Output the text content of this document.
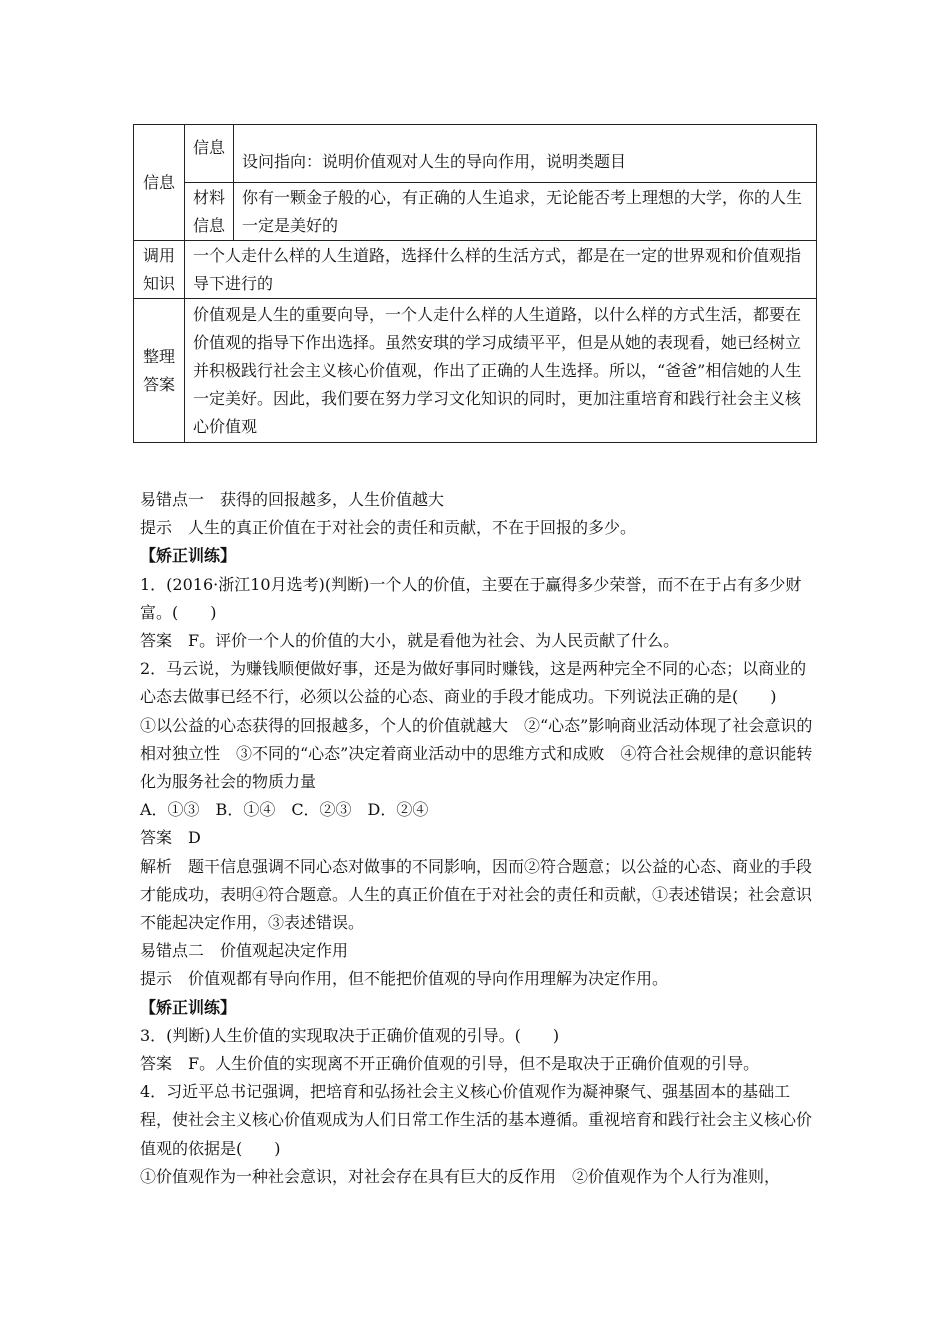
信息	信息	设问指向：说明价值观对人生的导向作用，说明类题目

	材料
信息	你有一颗金子般的心，有正确的人生追求，无论能否考上理想的大学，你的人生一定是美好的

调用
知识	一个人走什么样的人生道路，选择什么样的生活方式，都是在一定的世界观和价值观指导下进行的	

整理
答案	价值观是人生的重要向导，一个人走什么样的人生道路，以什么样的方式生活，都要在价值观的指导下作出选择。虽然安琪的学习成绩平平，但是从她的表现看，她已经树立并积极践行社会主义核心价值观，作出了正确的人生选择。所以，“爸爸”相信她的人生一定美好。因此，我们要在努力学习文化知识的同时，更加注重培育和践行社会主义核心价值观	

易错点一 获得的回报越多，人生价值越大

提示 人生的真正价值在于对社会的责任和贡献，不在于回报的多少。

【矫正训练】

1．(2016·浙江10月选考)(判断)一个人的价值，主要在于赢得多少荣誉，而不在于占有多少财富。(　　)

答案 F。评价一个人的价值的大小，就是看他为社会、为人民贡献了什么。

2．马云说，为赚钱顺便做好事，还是为做好事同时赚钱，这是两种完全不同的心态；以商业的心态去做事已经不行，必须以公益的心态、商业的手段才能成功。下列说法正确的是(　　)

①以公益的心态获得的回报越多，个人的价值就越大　②“心态”影响商业活动体现了社会意识的相对独立性　③不同的“心态”决定着商业活动中的思维方式和成败　④符合社会规律的意识能转化为服务社会的物质力量

A．①③　B．①④　C．②③　D．②④

答案 D

解析 题干信息强调不同心态对做事的不同影响，因而②符合题意；以公益的心态、商业的手段才能成功，表明④符合题意。人生的真正价值在于对社会的责任和贡献，①表述错误；社会意识不能起决定作用，③表述错误。

易错点二 价值观起决定作用

提示 价值观都有导向作用，但不能把价值观的导向作用理解为决定作用。

【矫正训练】

3．(判断)人生价值的实现取决于正确价值观的引导。(　　)

答案 F。人生价值的实现离不开正确价值观的引导，但不是取决于正确价值观的引导。

4．习近平总书记强调，把培育和弘扬社会主义核心价值观作为凝神聚气、强基固本的基础工程，使社会主义核心价值观成为人们日常工作生活的基本遵循。重视培育和践行社会主义核心价值观的依据是(　　)

①价值观作为一种社会意识，对社会存在具有巨大的反作用　②价值观作为个人行为准则，
